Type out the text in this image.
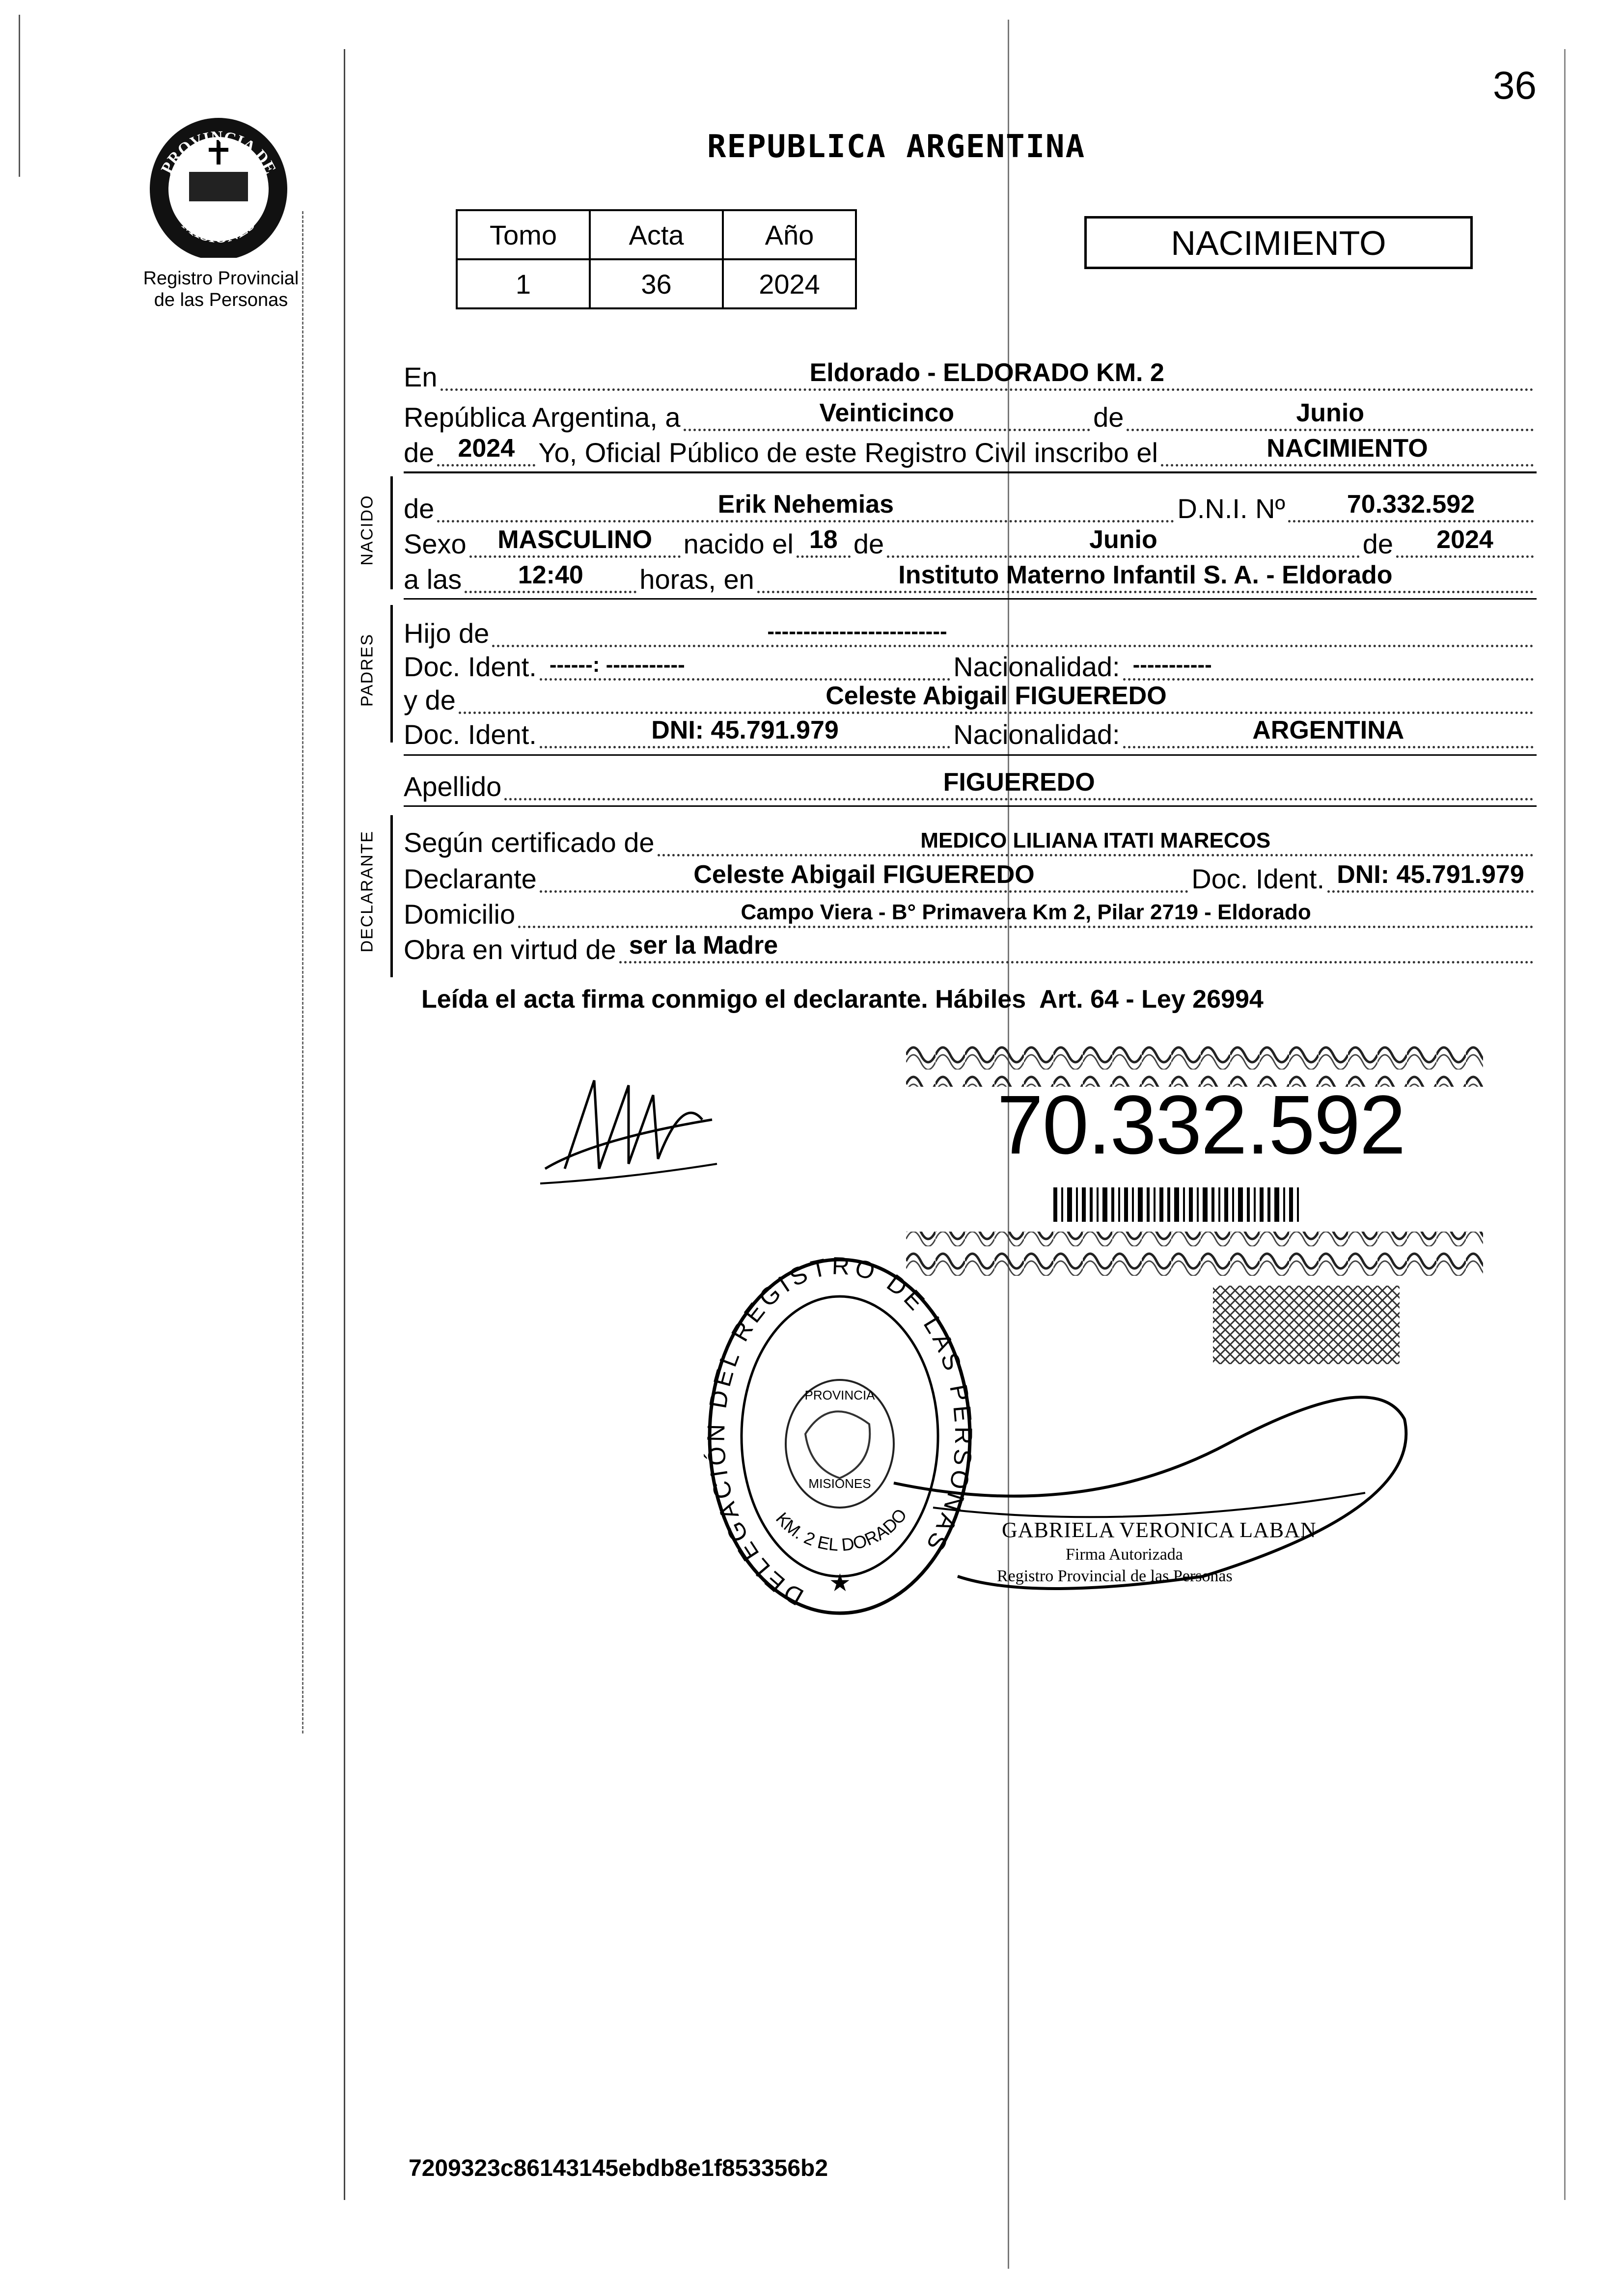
36
PROVINCIA DE
MISIONES
Registro Provincial
de las Personas
REPUBLICA ARGENTINA
Tomo	Acta	Año
1	36	2024
NACIMIENTO
En	Eldorado - ELDORADO KM. 2
República Argentina, a	Veinticinco	de	Junio
de 2024 Yo, Oficial Público de este Registro Civil inscribo el	NACIMIENTO
NACIDO de	Erik Nehemias	D.N.I. Nº	70.332.592
Sexo	MASCULINO	nacido el 18 de	Junio	de	2024
a las	12:40	horas, en	Instituto Materno Infantil S. A. - Eldorado
PADRES
Hijo de	-------------------------
Doc. Ident. ------: -----------	Nacionalidad: -----------
y de	Celeste Abigail FIGUEREDO
Doc. Ident.	DNI: 45.791.979	Nacionalidad:	ARGENTINA
Apellido	FIGUEREDO
DECLARANTE Según certificado de	MEDICO LILIANA ITATI MARECOS
Declarante	Celeste Abigail FIGUEREDO	Doc. Ident. DNI: 45.791.979
Domicilio	Campo Viera - B° Primavera Km 2, Pilar 2719 - Eldorado
Obra en virtud de ser la Madre
Leída el acta firma conmigo el declarante. Hábiles  Art. 64 - Ley 26994
70.332.592
DELEGACIÓN DEL REGISTRO DE LAS PERSONAS
PROVINCIA
MISIONES
KM. 2 EL DORADO
★
GABRIELA VERONICA LABAN
Firma Autorizada
Registro Provincial de las Personas
7209323c86143145ebdb8e1f853356b2
